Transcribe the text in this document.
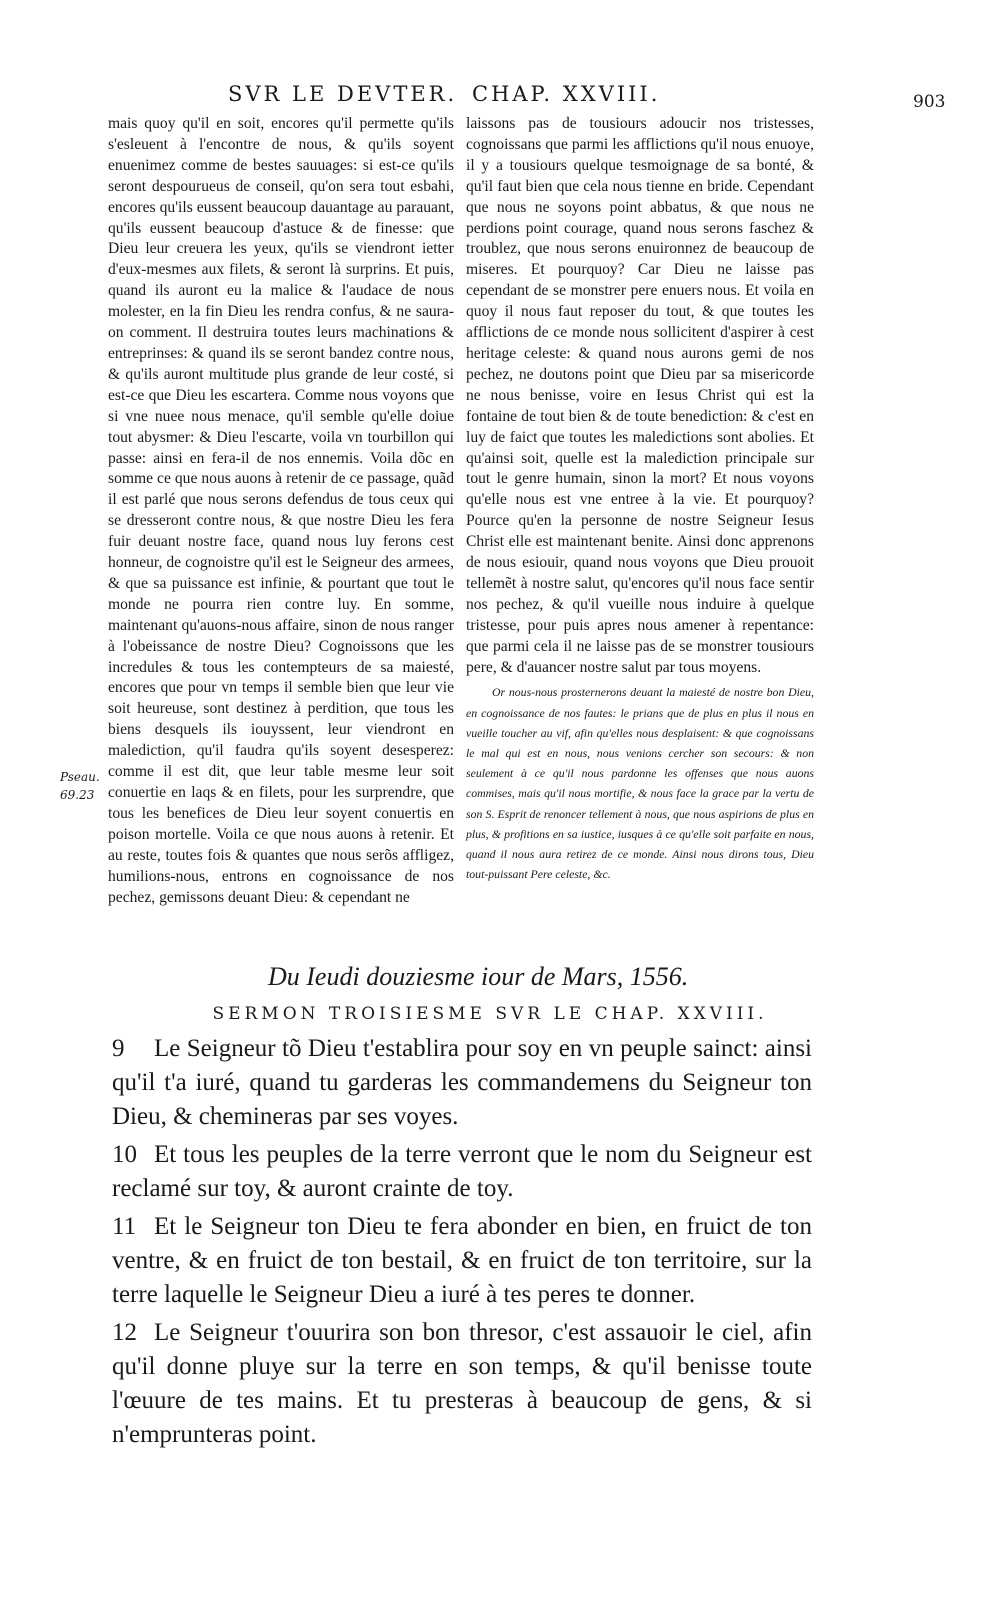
SVR LE DEVTER. CHAP. XXVIII.	903

mais quoy qu'il en soit, encores qu'il permette qu'ils s'esleuent à l'encontre de nous, & qu'ils soyent enuenimez comme de bestes sauuages: si est-ce qu'ils seront despourueus de conseil, qu'on sera tout esbahi, encores qu'ils eussent beaucoup dauantage au parauant, qu'ils eussent beaucoup d'astuce & de finesse: que Dieu leur creuera les yeux, qu'ils se viendront ietter d'eux-mesmes aux filets, & seront là surprins. Et puis, quand ils auront eu la malice & l'audace de nous molester, en la fin Dieu les rendra confus, & ne saura-on comment. Il destruira toutes leurs machinations & entreprinses: & quand ils se seront bandez contre nous, & qu'ils auront multitude plus grande de leur costé, si est-ce que Dieu les escartera. Comme nous voyons que si vne nuee nous menace, qu'il semble qu'elle doiue tout abysmer: & Dieu l'escarte, voila vn tourbillon qui passe: ainsi en fera-il de nos ennemis. Voila dõc en somme ce que nous auons à retenir de ce passage, quãd il est parlé que nous serons defendus de tous ceux qui se dresseront contre nous, & que nostre Dieu les fera fuir deuant nostre face, quand nous luy ferons cest honneur, de cognoistre qu'il est le Seigneur des armees, & que sa puissance est infinie, & pourtant que tout le monde ne pourra rien contre luy. En somme, maintenant qu'auons-nous affaire, sinon de nous ranger à l'obeissance de nostre Dieu? Cognoissons que les incredules & tous les contempteurs de sa maiesté, encores que pour vn temps il semble bien que leur vie soit heureuse, sont destinez à perdition, que tous les biens desquels ils iouyssent, leur viendront en malediction, qu'il faudra qu'ils soyent desesperez: comme il est dit, que leur table mesme leur soit conuertie en laqs & en filets, pour les surprendre, que tous les benefices de Dieu leur soyent conuertis en poison mortelle. Voila ce que nous auons à retenir. Et au reste, toutes fois & quantes que nous serõs affligez, humilions-nous, entrons en cognoissance de nos pechez, gemissons deuant Dieu: & cependant ne

Pseau.
69.23

laissons pas de tousiours adoucir nos tristesses, cognoissans que parmi les afflictions qu'il nous enuoye, il y a tousiours quelque tesmoignage de sa bonté, & qu'il faut bien que cela nous tienne en bride. Cependant que nous ne soyons point abbatus, & que nous ne perdions point courage, quand nous serons faschez & troublez, que nous serons enuironnez de beaucoup de miseres. Et pourquoy? Car Dieu ne laisse pas cependant de se monstrer pere enuers nous. Et voila en quoy il nous faut reposer du tout, & que toutes les afflictions de ce monde nous sollicitent d'aspirer à cest heritage celeste: & quand nous aurons gemi de nos pechez, ne doutons point que Dieu par sa misericorde ne nous benisse, voire en Iesus Christ qui est la fontaine de tout bien & de toute benediction: & c'est en luy de faict que toutes les maledictions sont abolies. Et qu'ainsi soit, quelle est la malediction principale sur tout le genre humain, sinon la mort? Et nous voyons qu'elle nous est vne entree à la vie. Et pourquoy? Pource qu'en la personne de nostre Seigneur Iesus Christ elle est maintenant benite. Ainsi donc apprenons de nous esiouir, quand nous voyons que Dieu prouoit tellemẽt à nostre salut, qu'encores qu'il nous face sentir nos pechez, & qu'il vueille nous induire à quelque tristesse, pour puis apres nous amener à repentance: que parmi cela il ne laisse pas de se monstrer tousiours pere, & d'auancer nostre salut par tous moyens.

Or nous-nous prosternerons deuant la maiesté de nostre bon Dieu, en cognoissance de nos fautes: le prians que de plus en plus il nous en vueille toucher au vif, afin qu'elles nous desplaisent: & que cognoissans le mal qui est en nous, nous venions cercher son secours: & non seulement à ce qu'il nous pardonne les offenses que nous auons commises, mais qu'il nous mortifie, & nous face la grace par la vertu de son S. Esprit de renoncer tellement à nous, que nous aspirions de plus en plus, & profitions en sa iustice, iusques à ce qu'elle soit parfaite en nous, quand il nous aura retirez de ce monde. Ainsi nous dirons tous, Dieu tout-puissant Pere celeste, &c.

Du Ieudi douziesme iour de Mars, 1556.
SERMON TROISIESME SVR LE CHAP. XXVIII.

9 Le Seigneur tõ Dieu t'establira pour soy en vn peuple sainct: ainsi qu'il t'a iuré, quand tu garderas les commandemens du Seigneur ton Dieu, & chemineras par ses voyes.

10 Et tous les peuples de la terre verront que le nom du Seigneur est reclamé sur toy, & auront crainte de toy.

11 Et le Seigneur ton Dieu te fera abonder en bien, en fruict de ton ventre, & en fruict de ton bestail, & en fruict de ton territoire, sur la terre laquelle le Seigneur Dieu a iuré à tes peres te donner.

12 Le Seigneur t'ouurira son bon thresor, c'est assauoir le ciel, afin qu'il donne pluye sur la terre en son temps, & qu'il benisse toute l'œuure de tes mains. Et tu presteras à beaucoup de gens, & si n'emprunteras point.
